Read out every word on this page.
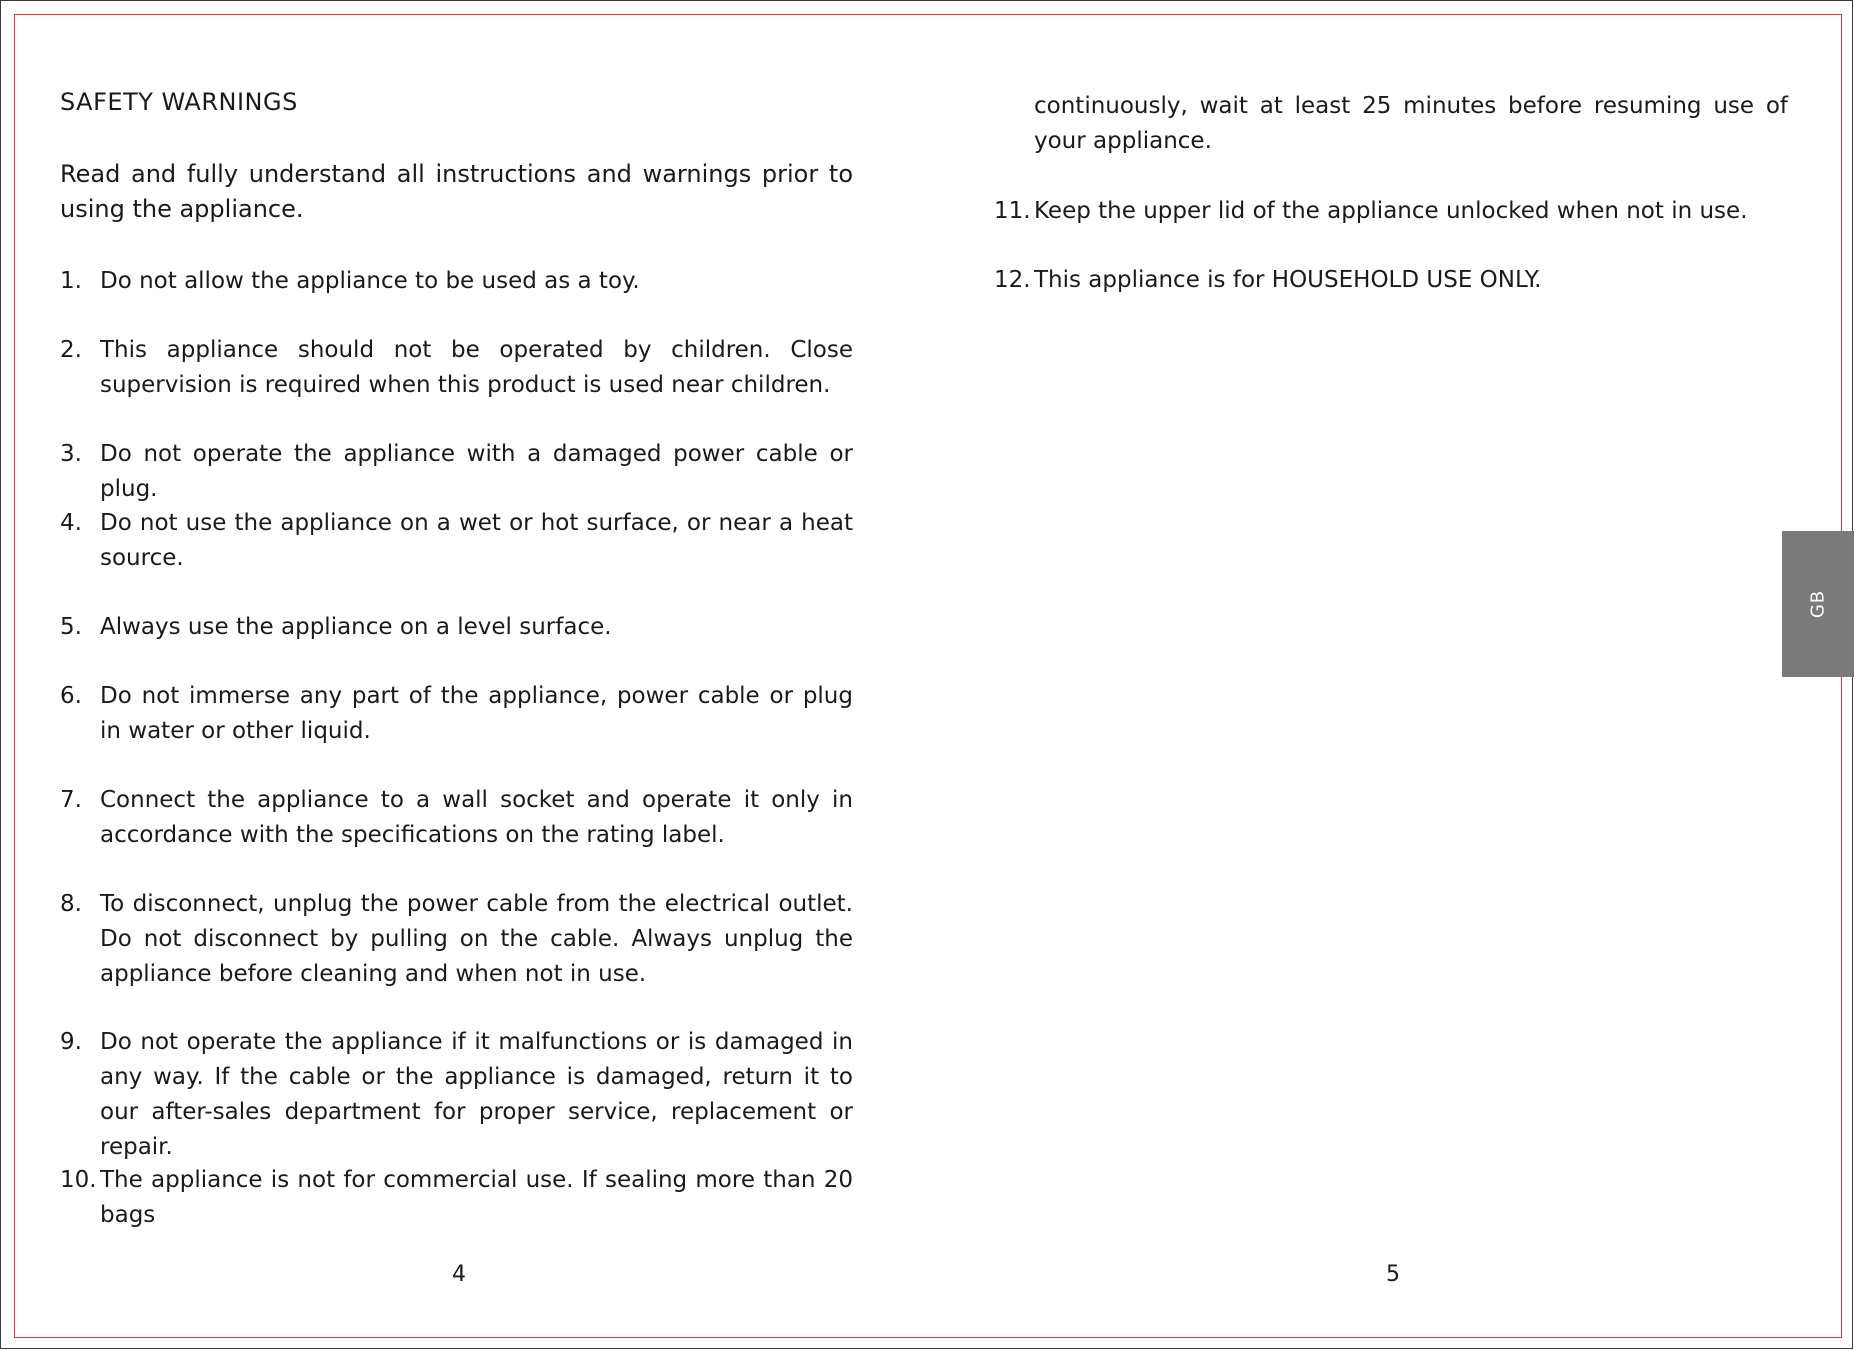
SAFETY WARNINGS

Read and fully understand all instructions and warnings prior to using the appliance.

1. Do not allow the appliance to be used as a toy.
2. This appliance should not be operated by children. Close supervision is required when this product is used near children.
3. Do not operate the appliance with a damaged power cable or plug.
4. Do not use the appliance on a wet or hot surface, or near a heat source.
5. Always use the appliance on a level surface.
6. Do not immerse any part of the appliance, power cable or plug in water or other liquid.
7. Connect the appliance to a wall socket and operate it only in accordance with the specifications on the rating label.
8. To disconnect, unplug the power cable from the electrical outlet. Do not disconnect by pulling on the cable. Always unplug the appliance before cleaning and when not in use.
9. Do not operate the appliance if it malfunctions or is damaged in any way. If the cable or the appliance is damaged, return it to our after-sales department for proper service, replacement or repair.
10. The appliance is not for commercial use. If sealing more than 20 bags
4

continuously, wait at least 25 minutes before resuming use of your appliance.

11. Keep the upper lid of the appliance unlocked when not in use.
12. This appliance is for HOUSEHOLD USE ONLY.
5
GB
